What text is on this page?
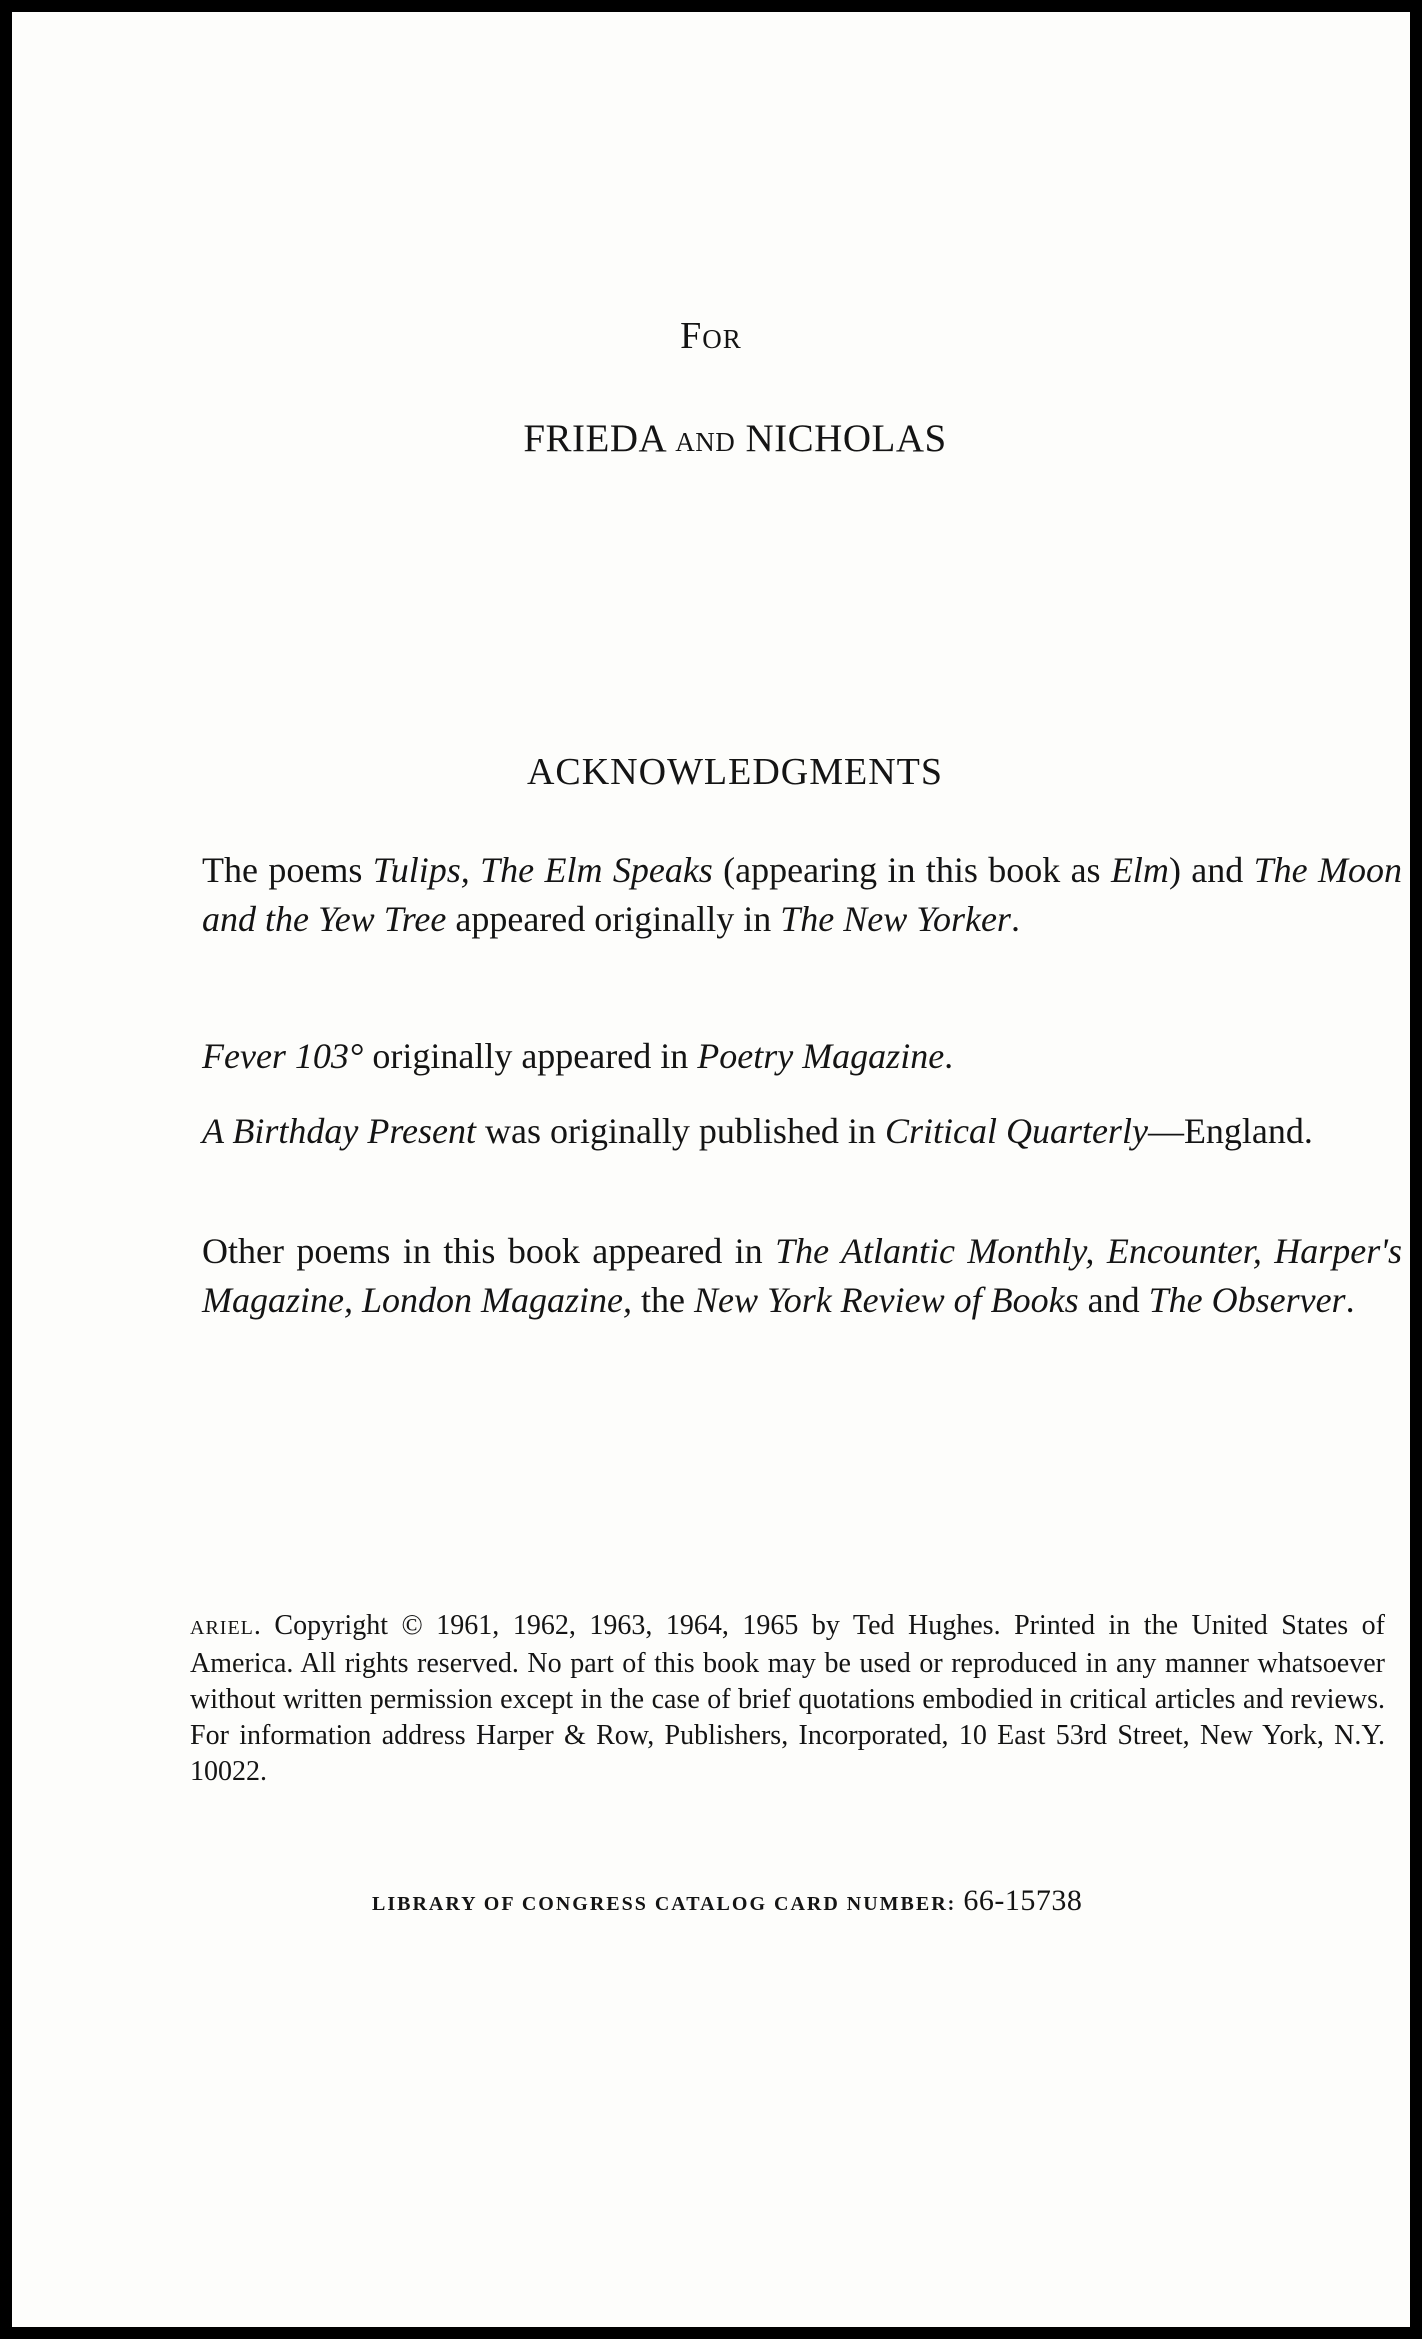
For
FRIEDA and NICHOLAS
ACKNOWLEDGMENTS

The poems Tulips, The Elm Speaks (appearing in this book as Elm) and The Moon and the Yew Tree appeared originally in The New Yorker.

Fever 103° originally appeared in Poetry Magazine.

A Birthday Present was originally published in Critical Quarterly—England.

Other poems in this book appeared in The Atlantic Monthly, Encounter, Harper's Magazine, London Magazine, the New York Review of Books and The Observer.

ARIEL. Copyright © 1961, 1962, 1963, 1964, 1965 by Ted Hughes. Printed in the United States of America. All rights reserved. No part of this book may be used or reproduced in any manner whatsoever without written permission except in the case of brief quotations embodied in critical articles and reviews. For information address Harper & Row, Publishers, Incorporated, 10 East 53rd Street, New York, N.Y. 10022.

LIBRARY OF CONGRESS CATALOG CARD NUMBER: 66-15738
